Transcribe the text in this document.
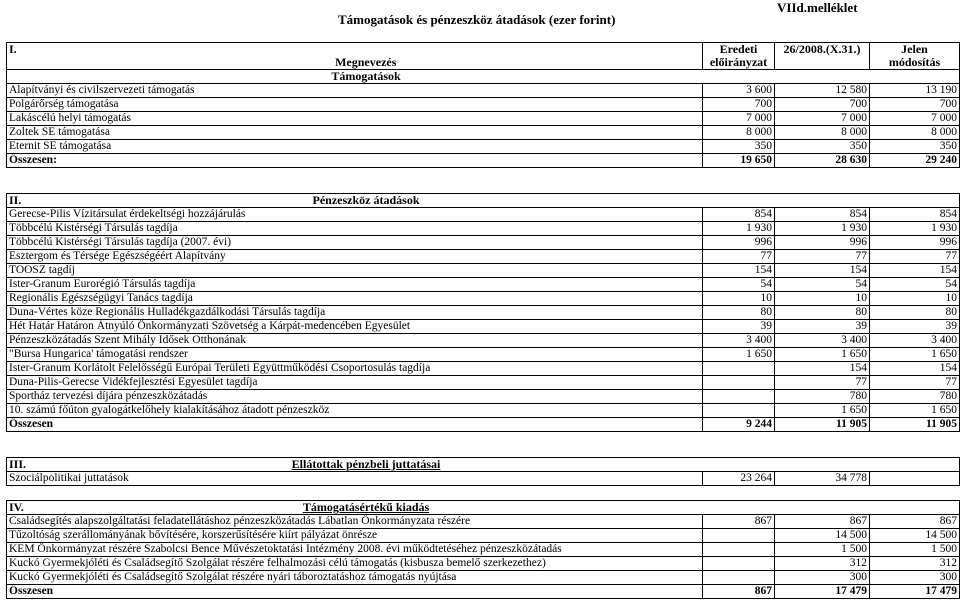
Támogatások és pénzeszköz átadások (ezer forint)
VIId.melléklet
I.		Eredeti	26/2008.(X.31.)	Jelen
	Megnevezés	előirányzat		módosítás
	Támogatások			
Alapítványi és civilszervezeti támogatás		3 600	12 580	13 190
Polgárőrség támogatása		700	700	700
Lakáscélú helyi támogatás		7 000	7 000	7 000
Zoltek SE támogatása		8 000	8 000	8 000
Eternit SE támogatása		350	350	350
Összesen:		19 650	28 630	29 240
II.	Pénzeszköz átadások			
Gerecse-Pilis Vízitársulat érdekeltségi hozzájárulás		854	854	854
Többcélú Kistérségi Társulás tagdíja		1 930	1 930	1 930
Többcélú Kistérségi Társulás tagdíja (2007. évi)		996	996	996
Esztergom és Térsége Egészségéért Alapítvány		77	77	77
TOOSZ tagdíj		154	154	154
Ister-Granum Eurorégió Társulás tagdíja		54	54	54
Regionális Egészségügyi Tanács tagdíja		10	10	10
Duna-Vértes köze Regionális Hulladékgazdálkodási Társulás tagdíja		80	80	80
Hét Határ Határon Átnyúló Önkormányzati Szövetség a Kárpát-medencében Egyesület		39	39	39
Pénzeszközátadás Szent Mihály Idősek Otthonának		3 400	3 400	3 400
"Bursa Hungarica' támogatási rendszer		1 650	1 650	1 650
Ister-Granum Korlátolt Felelősségű Európai Területi Együttműködési Csoportosulás tagdíja			154	154
Duna-Pilis-Gerecse Vidékfejlesztési Egyesület tagdíja			77	77
Sportház tervezési díjára pénzeszközátadás			780	780
10. számú főúton gyalogátkelőhely kialakításához átadott pénzeszköz			1 650	1 650
Összesen		9 244	11 905	11 905
III.	Ellátottak pénzbeli juttatásai			
Szociálpolitikai juttatások		23 264	34 778	
IV.	Támogatásértékű kiadás			
Családsegítés alapszolgáltatási feladatellátáshoz pénzeszközátadás Lábatlan Önkormányzata részére		867	867	867
Tűzoltóság szerállományának bővítésére, korszerűsítésére kiírt pályázat önrésze			14 500	14 500
KEM Önkormányzat részére Szabolcsi Bence Művészetoktatási Intézmény 2008. évi működtetéséhez pénzeszközátadás			1 500	1 500
Kuckó Gyermekjóléti és Családsegítő Szolgálat részére felhalmozási célú támogatás (kisbusza bemelő szerkezethez)			312	312
Kuckó Gyermekjóléti és Családsegítő Szolgálat részére nyári táboroztatáshoz támogatás nyújtása			300	300
Összesen		867	17 479	17 479
